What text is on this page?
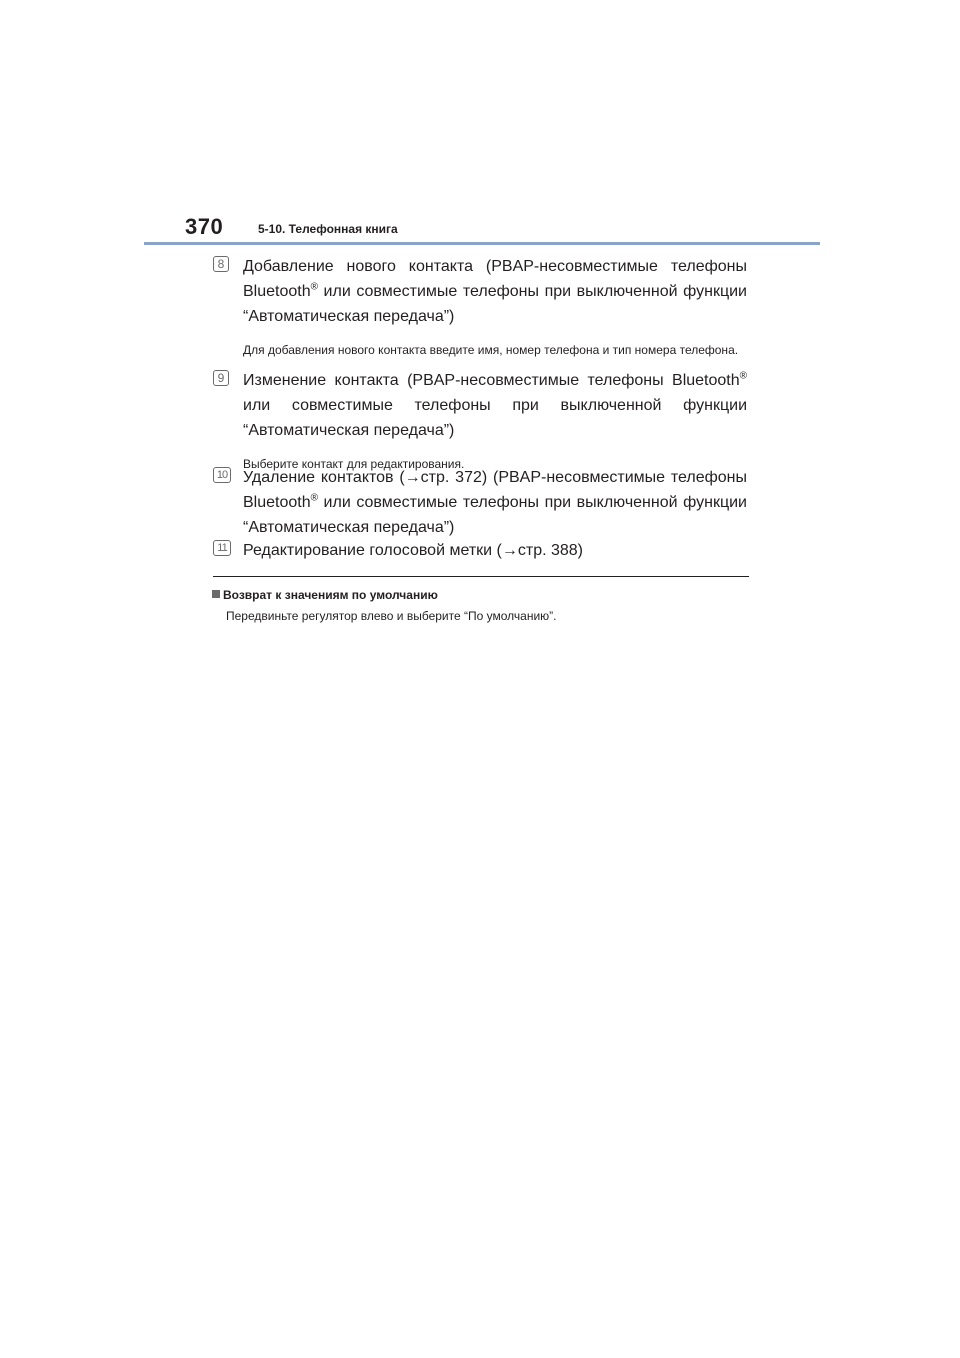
370	5-10. Телефонная книга
8 Добавление нового контакта (PBAP-несовместимые телефоны Bluetooth® или совместимые телефоны при выключенной функции “Автоматическая передача”)
Для добавления нового контакта введите имя, номер телефона и тип номера телефона.
9 Изменение контакта (PBAP-несовместимые телефоны Bluetooth® или совместимые телефоны при выключенной функции “Автоматическая передача”)
Выберите контакт для редактирования.
10 Удаление контактов (→стр. 372) (PBAP-несовместимые телефоны Bluetooth® или совместимые телефоны при выключенной функции “Автоматическая передача”)
11 Редактирование голосовой метки (→стр. 388)
Возврат к значениям по умолчанию
Передвиньте регулятор влево и выберите “По умолчанию”.
